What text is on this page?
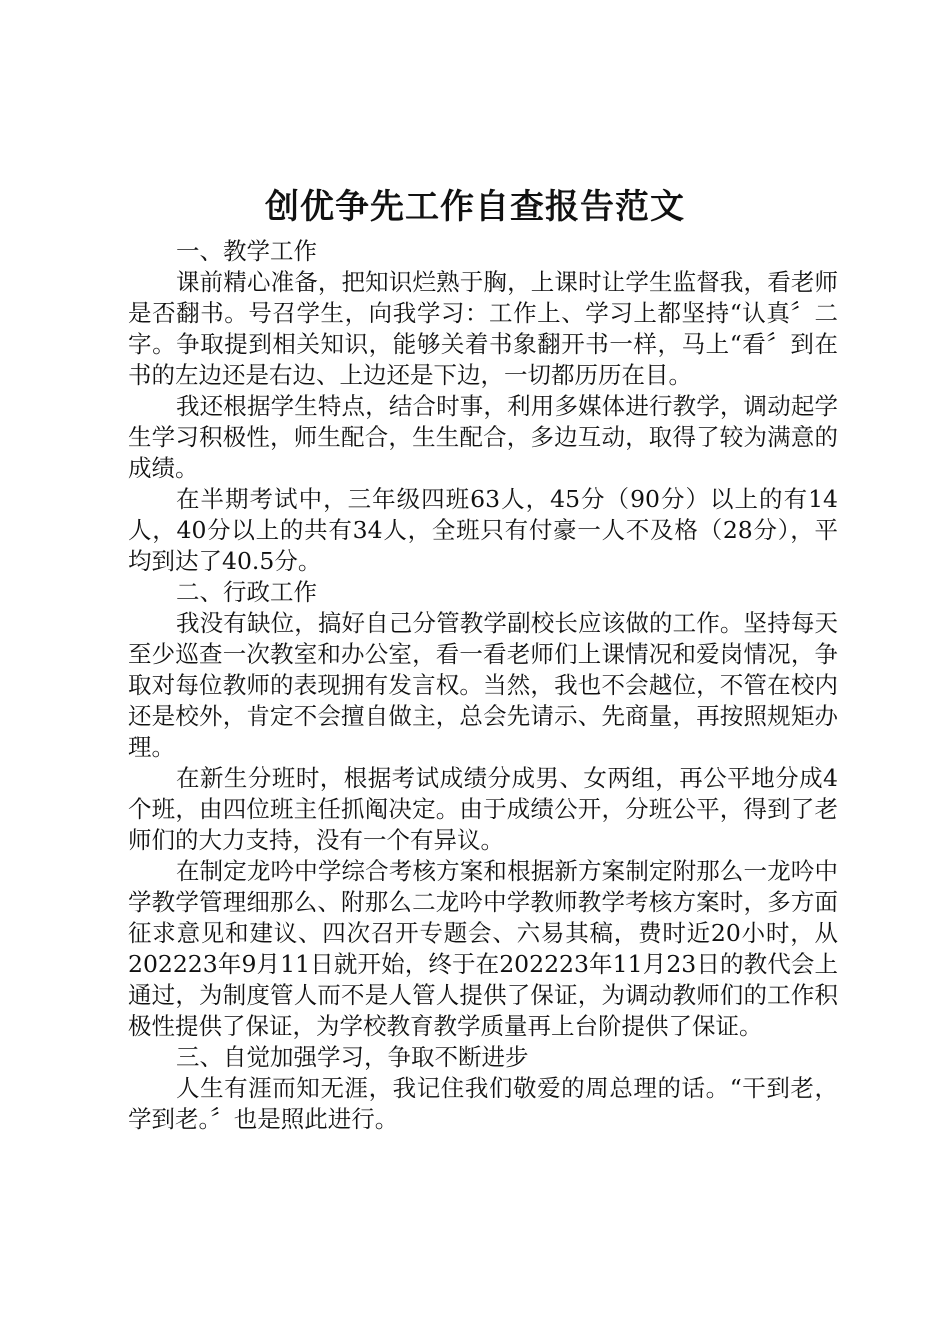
创优争先工作自查报告范文

一、教学工作

课前精心准备，把知识烂熟于胸，上课时让学生监督我，看老师是否翻书。号召学生，向我学习：工作上、学习上都坚持“认真〞二字。争取提到相关知识，能够关着书象翻开书一样，马上“看〞到在书的左边还是右边、上边还是下边，一切都历历在目。

我还根据学生特点，结合时事，利用多媒体进行教学，调动起学生学习积极性，师生配合，生生配合，多边互动，取得了较为满意的成绩。

在半期考试中，三年级四班63人，45分（90分）以上的有14人，40分以上的共有34人，全班只有付豪一人不及格（28分），平均到达了40.5分。

二、行政工作

我没有缺位，搞好自己分管教学副校长应该做的工作。坚持每天至少巡查一次教室和办公室，看一看老师们上课情况和爱岗情况，争取对每位教师的表现拥有发言权。当然，我也不会越位，不管在校内还是校外，肯定不会擅自做主，总会先请示、先商量，再按照规矩办理。

在新生分班时，根据考试成绩分成男、女两组，再公平地分成4个班，由四位班主任抓阄决定。由于成绩公开，分班公平，得到了老师们的大力支持，没有一个有异议。

在制定龙吟中学综合考核方案和根据新方案制定附那么一龙吟中学教学管理细那么、附那么二龙吟中学教师教学考核方案时，多方面征求意见和建议、四次召开专题会、六易其稿，费时近20小时，从202223年9月11日就开始，终于在202223年11月23日的教代会上通过，为制度管人而不是人管人提供了保证，为调动教师们的工作积极性提供了保证，为学校教育教学质量再上台阶提供了保证。

三、自觉加强学习，争取不断进步

人生有涯而知无涯，我记住我们敬爱的周总理的话。“干到老，学到老。〞也是照此进行。
